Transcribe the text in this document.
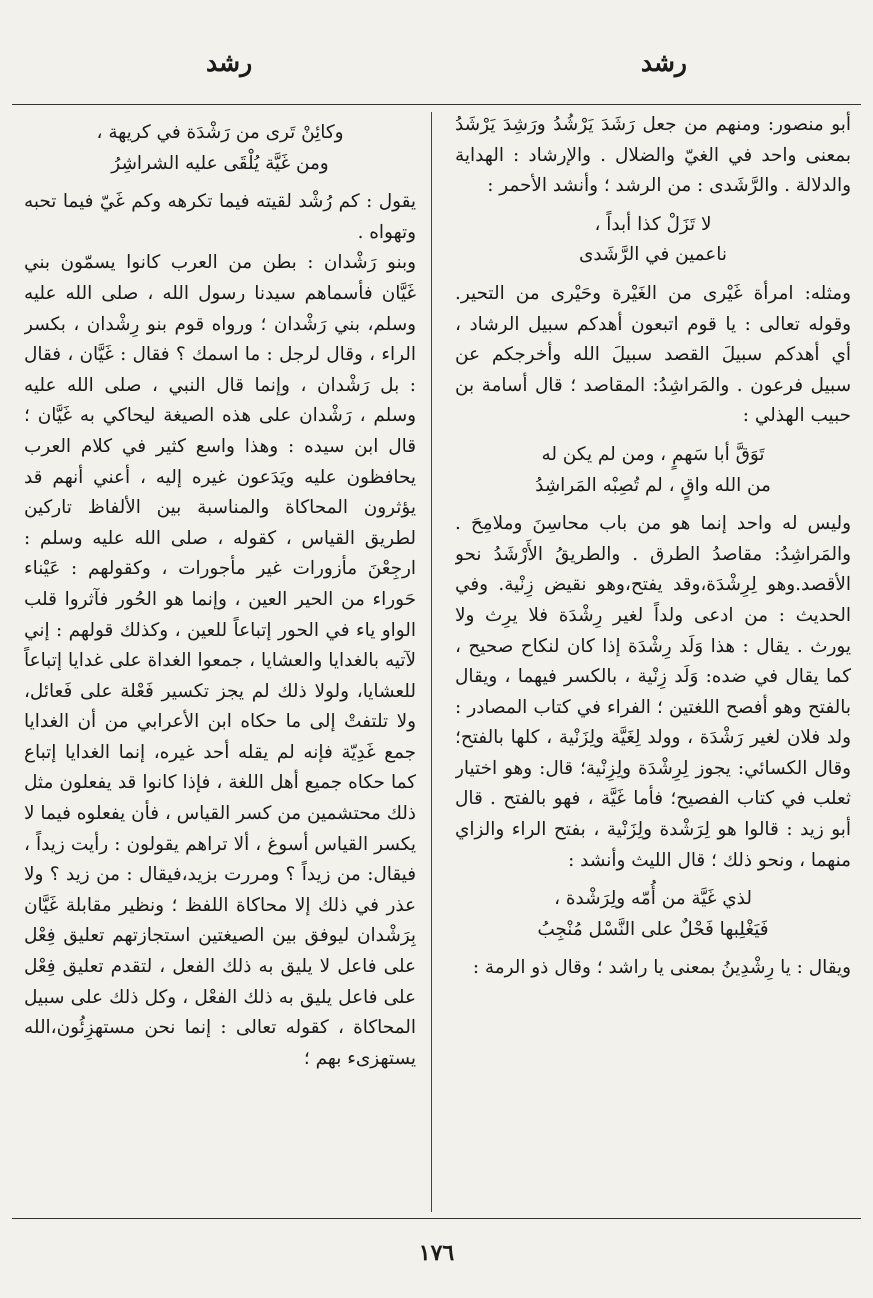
رشد
رشد

أبو منصور: ومنهم من جعل رَشَدَ يَرْشُدُ ورَشِدَ يَرْشَدُ بمعنى واحد في الغيّ والضلال . والإرشاد : الهداية والدلالة . والرَّشَدى : من الرشد ؛ وأنشد الأحمر :

لا تَزَلْ كذا أبداً ،
ناعمين في الرَّشَدى

ومثله: امرأة غَيْرى من الغَيْرة وحَيْرى من التحير. وقوله تعالى : يا قوم اتبعون أهدكم سبيل الرشاد ، أي أهدكم سبيلَ القصد سبيلَ الله وأخرجكم عن سبيل فرعون . والمَراشِدُ: المقاصد ؛ قال أسامة بن حبيب الهذلي :

تَوَقَّ أبا سَهمٍ ، ومن لم يكن له
من الله واقٍ ، لم تُصِبْه المَراشِدُ

وليس له واحد إنما هو من باب محاسِنَ وملامِحَ . والمَراشِدُ: مقاصدُ الطرق . والطريقُ الأَرْشَدُ نحو الأقصد.وهو لِرِشْدَة،وقد يفتح،وهو نقيض زِنْية. وفي الحديث : من ادعى ولداً لغير رِشْدَة فلا يرِث ولا يورث . يقال : هذا وَلَد رِشْدَة إذا كان لنكاح صحيح ، كما يقال في ضده: وَلَد زِنْية ، بالكسر فيهما ، ويقال بالفتح وهو أفصح اللغتين ؛ الفراء في كتاب المصادر : ولد فلان لغير رَشْدَة ، وولد لِغَيَّة ولِزَنْية ، كلها بالفتح؛ وقال الكسائي: يجوز لِرِشْدَة ولِزِنْية؛ قال: وهو اختيار ثعلب في كتاب الفصيح؛ فأما غَيَّة ، فهو بالفتح . قال أبو زيد : قالوا هو لِرَشْدة ولِزَنْية ، بفتح الراء والزاي منهما ، ونحو ذلك ؛ قال الليث وأنشد :

لذي غَيَّة من أُمّه ولِرَشْدة ،
فَيَغْلِبها فَحْلٌ على النَّسْل مُنْجِبُ

ويقال : يا رِشْدِينُ بمعنى يا راشد ؛ وقال ذو الرمة :

وكائِنْ تَرى من رَشْدَة في كريهة ،
ومن غَيَّة يُلْقَى عليه الشراشِرُ

يقول : كم رُشْد لقيته فيما تكرهه وكم غَيّ فيما تحبه وتهواه .

وبنو رَشْدان : بطن من العرب كانوا يسمّون بني غَيَّان فأسماهم سيدنا رسول الله ، صلى الله عليه وسلم، بني رَشْدان ؛ ورواه قوم بنو رِشْدان ، بكسر الراء ، وقال لرجل : ما اسمك ؟ فقال : غَيَّان ، فقال : بل رَشْدان ، وإنما قال النبي ، صلى الله عليه وسلم ، رَشْدان على هذه الصيغة ليحاكي به غَيَّان ؛ قال ابن سيده : وهذا واسع كثير في كلام العرب يحافظون عليه ويَدَعون غيره إليه ، أعني أنهم قد يؤثرون المحاكاة والمناسبة بين الألفاظ تاركين لطريق القياس ، كقوله ، صلى الله عليه وسلم : ارجِعْنَ مأزورات غير مأجورات ، وكقولهم : عَيْناء حَوراء من الحير العين ، وإنما هو الحُور فآثروا قلب الواو ياء في الحور إتباعاً للعين ، وكذلك قولهم : إني لآتيه بالغدايا والعشايا ، جمعوا الغداة على غدايا إتباعاً للعشايا، ولولا ذلك لم يجز تكسير فَعْلة على فَعائل، ولا تلتفتْ إلى ما حكاه ابن الأعرابي من أن الغدايا جمع غَدِيّة فإنه لم يقله أحد غيره، إنما الغدايا إتباع كما حكاه جميع أهل اللغة ، فإذا كانوا قد يفعلون مثل ذلك محتشمين من كسر القياس ، فأن يفعلوه فيما لا يكسر القياس أسوغ ، ألا تراهم يقولون : رأيت زيداً ، فيقال: من زيداً ؟ ومررت بزيد،فيقال : من زيد ؟ ولا عذر في ذلك إلا محاكاة اللفظ ؛ ونظير مقابلة غَيَّان بِرَشْدان ليوفق بين الصيغتين استجازتهم تعليق فِعْل على فاعل لا يليق به ذلك الفعل ، لتقدم تعليق فِعْل على فاعل يليق به ذلك الفعْل ، وكل ذلك على سبيل المحاكاة ، كقوله تعالى : إنما نحن مستهزِئُون،الله يستهزىء بهم ؛

١٧٦
